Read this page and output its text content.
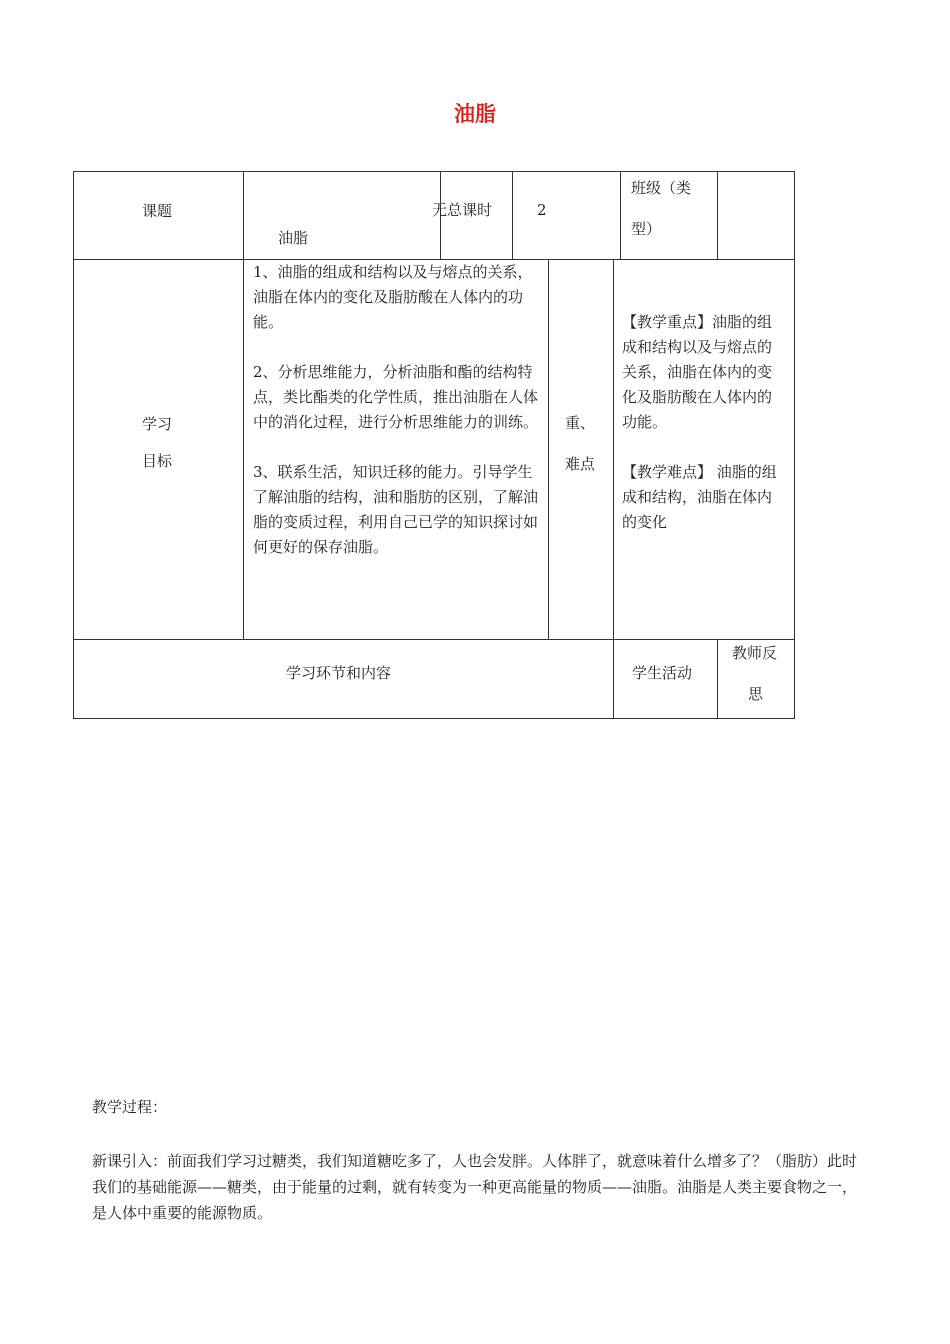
油脂
课题
油脂
无总课时	2
班级（类
型）
学习
目标

1、油脂的组成和结构以及与熔点的关系，油脂在体内的变化及脂肪酸在人体内的功能。

2、分析思维能力，分析油脂和酯的结构特点，类比酯类的化学性质，推出油脂在人体中的消化过程，进行分析思维能力的训练。

3、联系生活，知识迁移的能力。引导学生了解油脂的结构，油和脂肪的区别，了解油脂的变质过程，利用自己已学的知识探讨如何更好的保存油脂。

重、
难点

【教学重点】油脂的组成和结构以及与熔点的关系，油脂在体内的变化及脂肪酸在人体内的功能。

【教学难点】 油脂的组成和结构，油脂在体内的变化

学习环节和内容	学生活动
教师反
思
教学过程：
新课引入：前面我们学习过糖类，我们知道糖吃多了，人也会发胖。人体胖了，就意味着什么增多了？（脂肪）此时我们的基础能源——糖类，由于能量的过剩，就有转变为一种更高能量的物质——油脂。油脂是人类主要食物之一，是人体中重要的能源物质。
